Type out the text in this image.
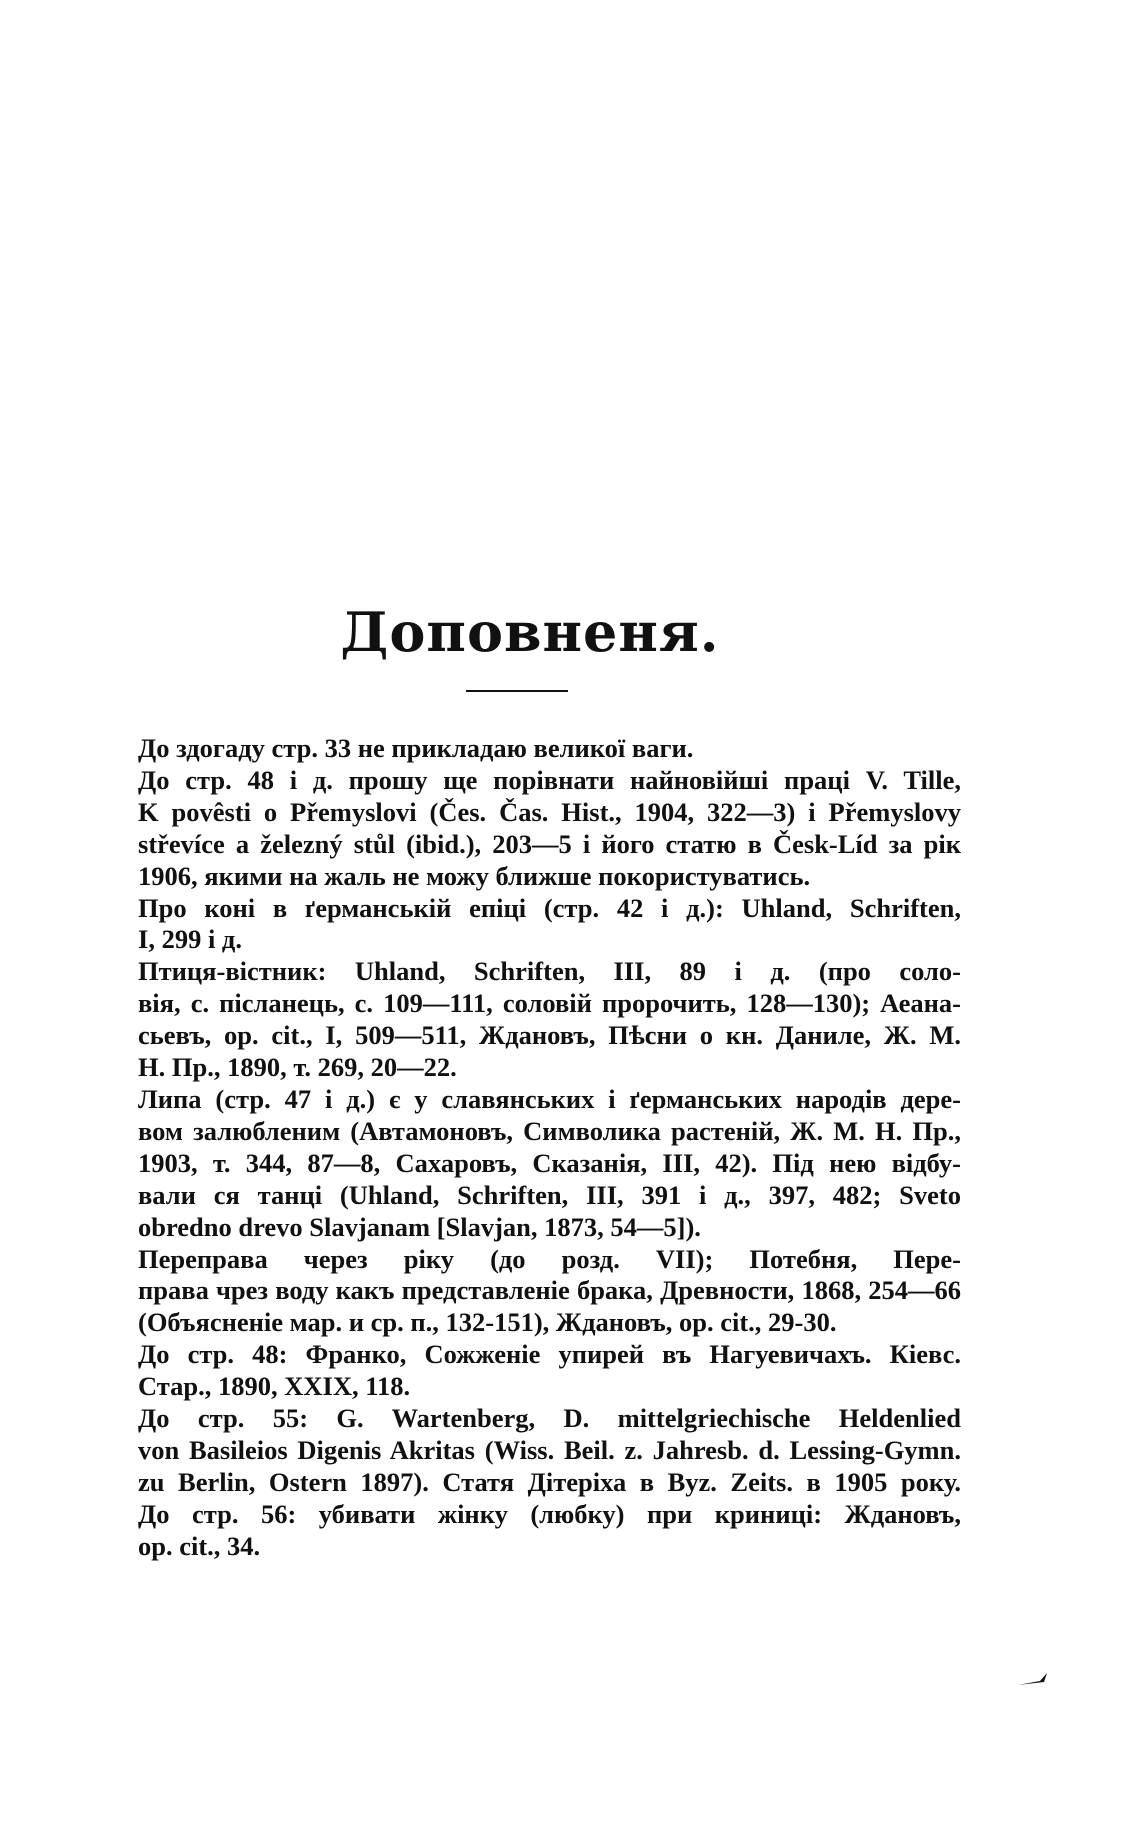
Доповненя.

До здогаду стр. 33 не прикладаю великої ваги.

До стр. 48 і д. прошу ще порівнати найновійші праці V. Tille,
K povêsti o Přemyslovi (Čes. Čas. Hist., 1904, 322—3) і Přemyslovy
střevíce a železný stůl (ibid.), 203—5 і його статю в Česk-Líd за рік
1906, якими на жаль не можу ближше покористуватись.

Про коні в ґерманській епіці (стр. 42 і д.): Uhland, Schriften,
I, 299 і д.

Птиця-вістник: Uhland, Schriften, III, 89 і д. (про соло-
вія, с. післанець, с. 109—111, соловій пророчить, 128—130); Аеана-
сьевъ, op. cit., I, 509—511, Ждановъ, Пѣсни о кн. Даниле, Ж. М.
Н. Пр., 1890, т. 269, 20—22.

Липа (стр. 47 і д.) є у славянських і ґерманських народів дере-
вом залюбленим (Автамоновъ, Символика растеній, Ж. М. Н. Пр.,
1903, т. 344, 87—8, Сахаровъ, Сказанія, III, 42). Під нею відбу-
вали ся танці (Uhland, Schriften, III, 391 і д., 397, 482; Sveto
obredno drevo Slavjanam [Slavjan, 1873, 54—5]).

Переправа через ріку (до розд. VII); Потебня, Пере-
права чрез воду какъ представленіе брака, Древности, 1868, 254—66
(Объясненіе мар. и ср. п., 132-151), Ждановъ, op. cit., 29-30.

До стр. 48: Франко, Сожженіе упирей въ Нагуевичахъ. Кіевс.
Стар., 1890, XXIX, 118.

До стр. 55: G. Wartenberg, D. mittelgriechische Heldenlied
von Basileios Digenis Akritas (Wiss. Beil. z. Jahresb. d. Lessing-Gymn.
zu Berlin, Ostern 1897). Статя Дітеріха в Byz. Zeits. в 1905 року.

До стр. 56: убивати жінку (любку) при криниці: Ждановъ,
op. cit., 34.
